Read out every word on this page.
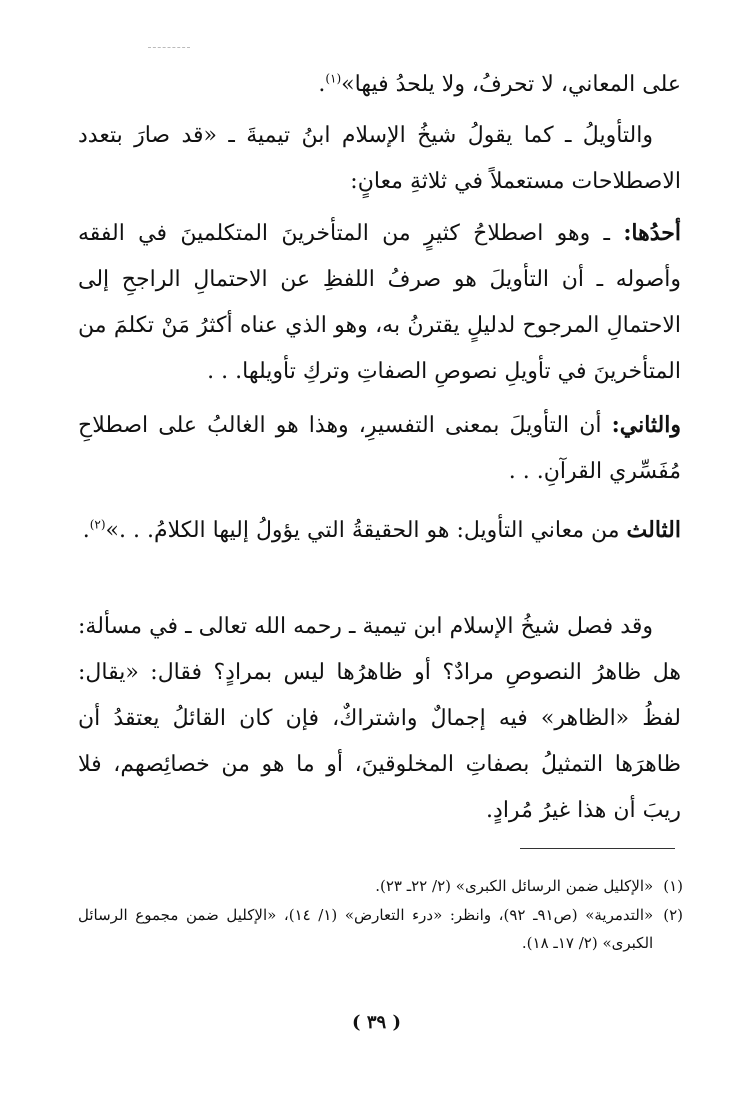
على المعاني، لا تحرفُ، ولا يلحدُ فيها»$^{(١)}$.

والتأويلُ ـ كما يقولُ شيخُ الإسلام ابنُ تيميةَ ـ «قد صارَ بتعدد الاصطلاحات مستعملاً في ثلاثةِ معانٍ:

أحدُها: ـ وهو اصطلاحُ كثيرٍ من المتأخرينَ المتكلمينَ في الفقه وأصوله ـ أن التأويلَ هو صرفُ اللفظِ عن الاحتمالِ الراجحِ إلى الاحتمالِ المرجوح لدليلٍ يقترنُ به، وهو الذي عناه أكثرُ مَنْ تكلمَ من المتأخرينَ في تأويلِ نصوصِ الصفاتِ وتركِ تأويلها. . .

والثاني: أن التأويلَ بمعنى التفسيرِ، وهذا هو الغالبُ على اصطلاحِ مُفَسِّري القرآنِ. . .

الثالث من معاني التأويل: هو الحقيقةُ التي يؤولُ إليها الكلامُ. . .»$^{(٢)}$.

وقد فصل شيخُ الإسلام ابن تيمية ـ رحمه الله تعالى ـ في مسألة: هل ظاهرُ النصوصِ مرادٌ؟ أو ظاهرُها ليس بمرادٍ؟ فقال: «يقال: لفظُ «الظاهر» فيه إجمالٌ واشتراكٌ، فإن كان القائلُ يعتقدُ أن ظاهرَها التمثيلُ بصفاتِ المخلوقينَ، أو ما هو من خصائِصهم، فلا ريبَ أن هذا غيرُ مُرادٍ.

(١)
«الإكليل ضمن الرسائل الكبرى» (٢/ ٢٢ـ ٢٣).
(٢)
«التدمرية» (ص٩١ـ ٩٢)، وانظر: «درء التعارض» (١/ ١٤)، «الإكليل ضمن مجموع الرسائل الكبرى» (٢/ ١٧ـ ١٨).
( ٣٩ )
